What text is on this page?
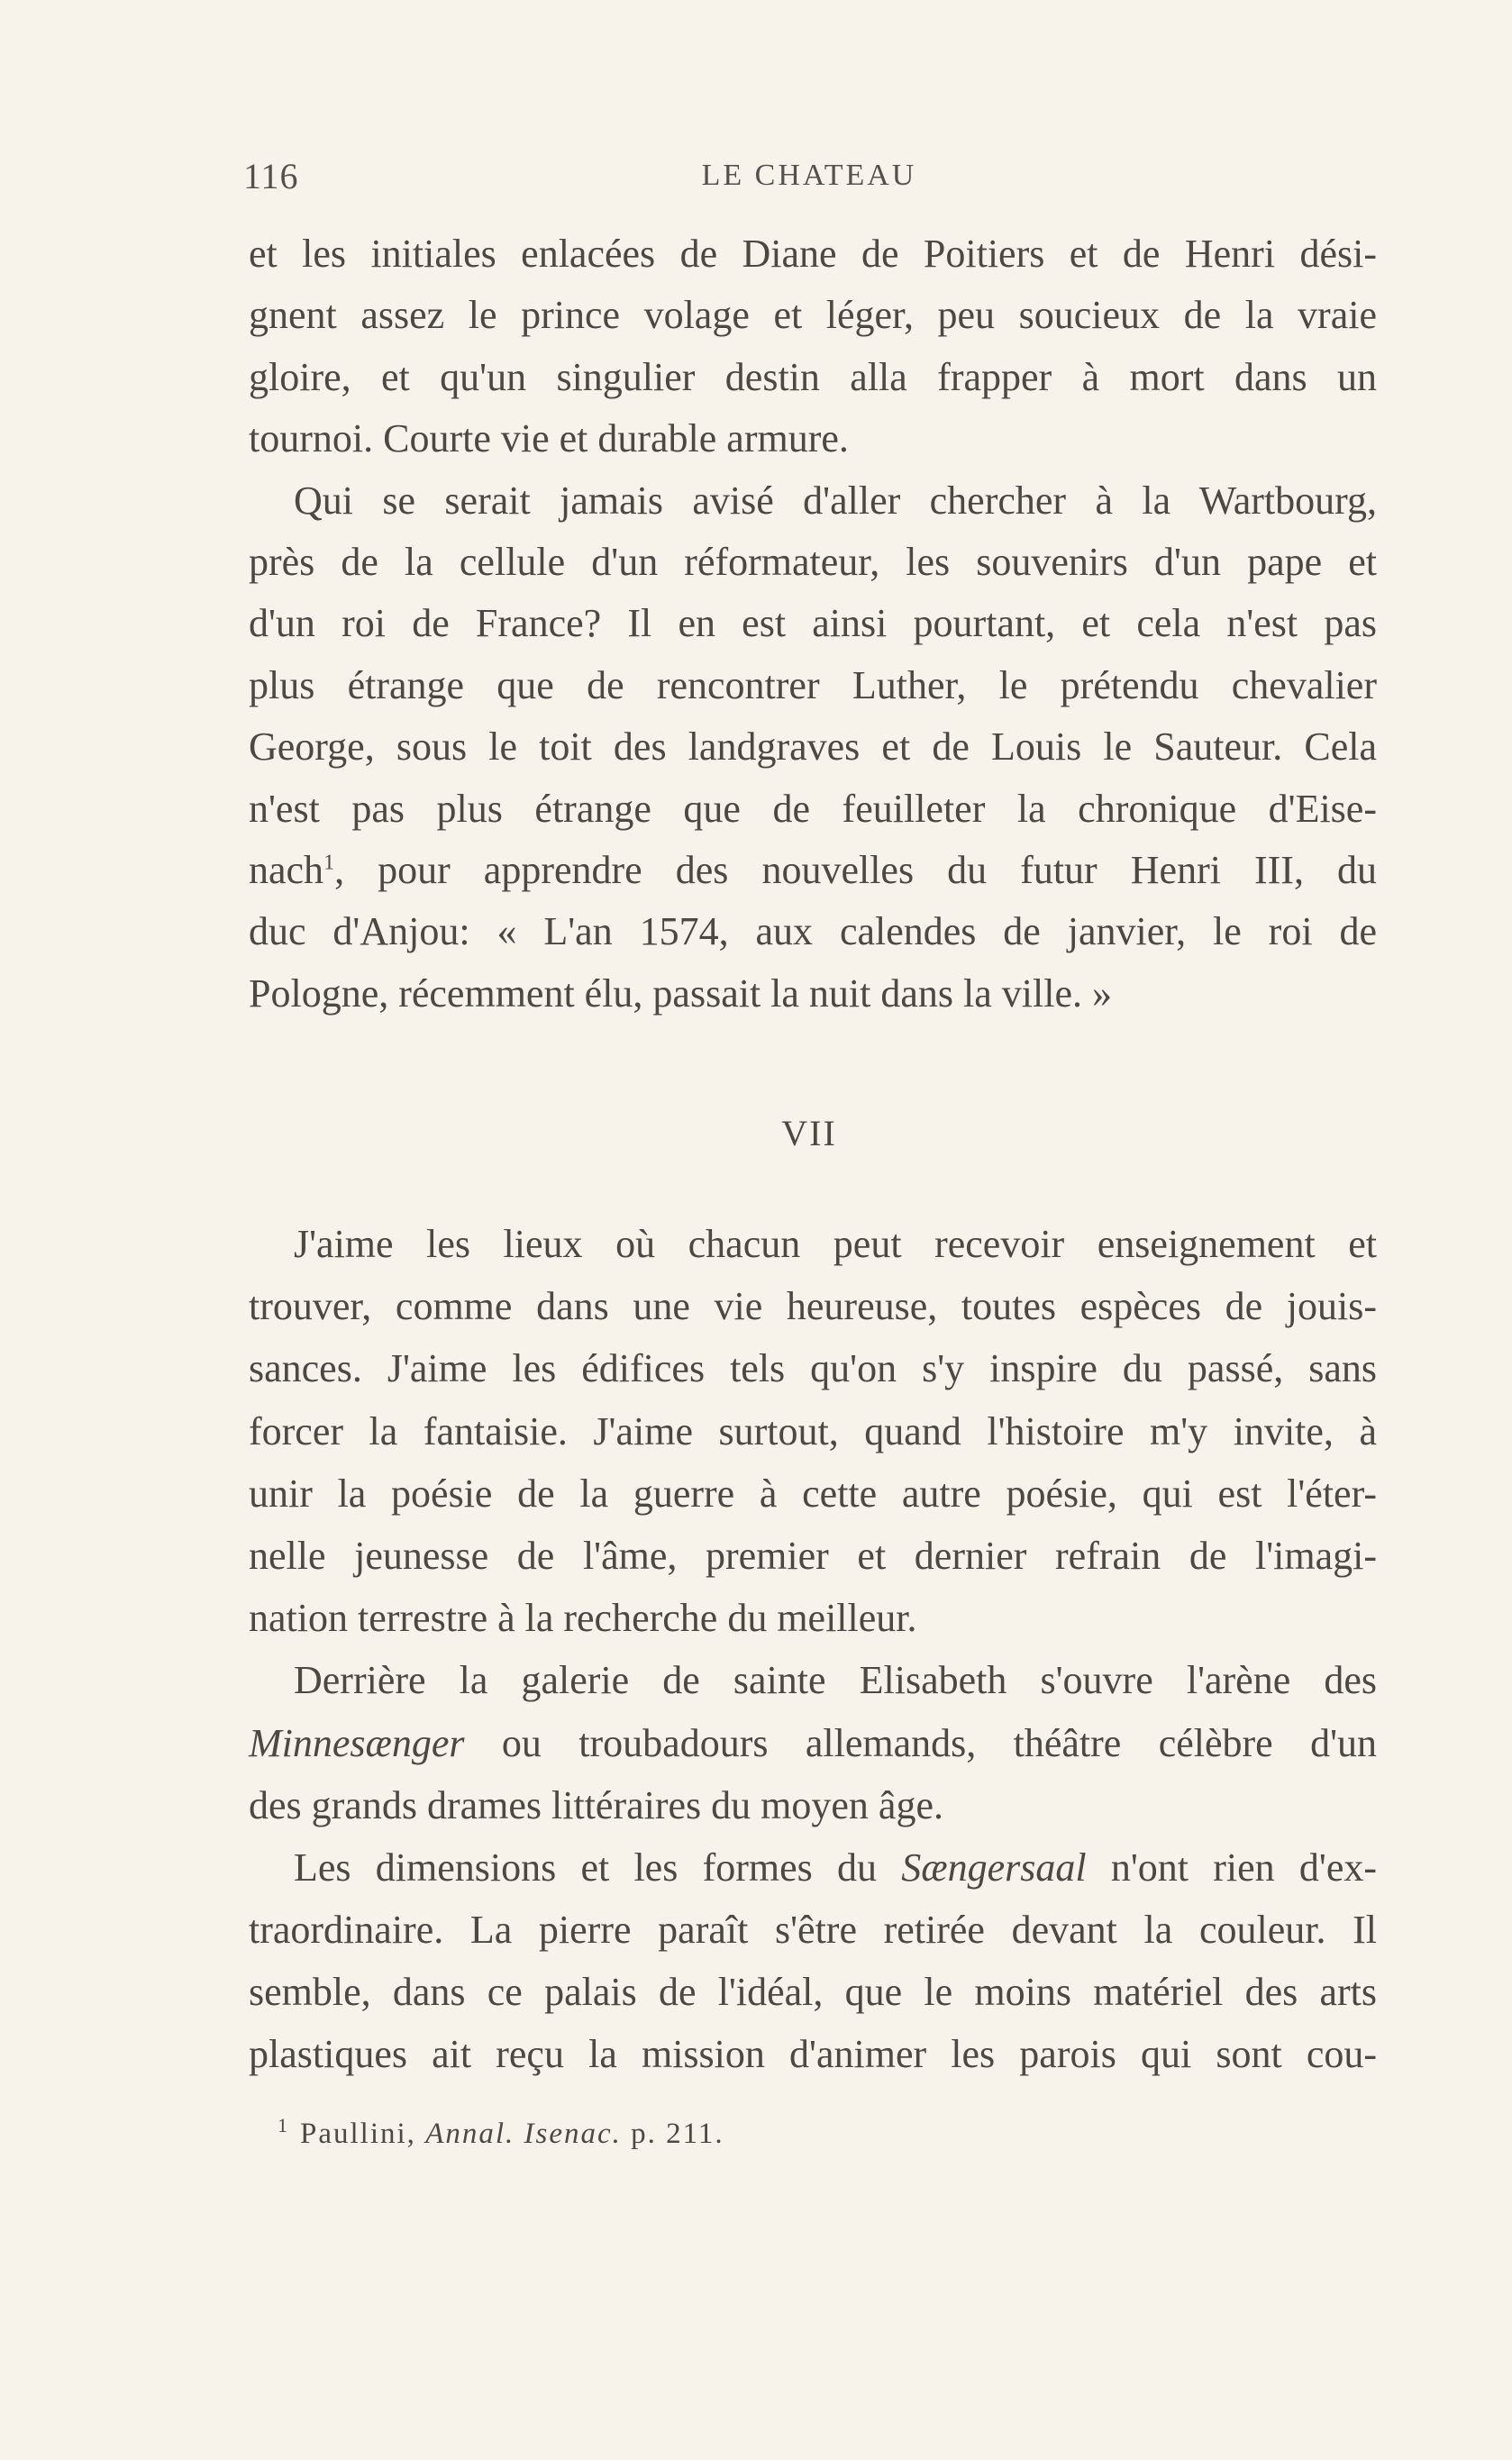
116	LE CHATEAU
et les initiales enlacées de Diane de Poitiers et de Henri dési-
gnent assez le prince volage et léger, peu soucieux de la vraie
gloire, et qu'un singulier destin alla frapper à mort dans un
tournoi. Courte vie et durable armure.
Qui se serait jamais avisé d'aller chercher à la Wartbourg,
près de la cellule d'un réformateur, les souvenirs d'un pape et
d'un roi de France? Il en est ainsi pourtant, et cela n'est pas
plus étrange que de rencontrer Luther, le prétendu chevalier
George, sous le toit des landgraves et de Louis le Sauteur. Cela
n'est pas plus étrange que de feuilleter la chronique d'Eise-
nach$^1$, pour apprendre des nouvelles du futur Henri III, du
duc d'Anjou: « L'an 1574, aux calendes de janvier, le roi de
Pologne, récemment élu, passait la nuit dans la ville. »
VII
J'aime les lieux où chacun peut recevoir enseignement et
trouver, comme dans une vie heureuse, toutes espèces de jouis-
sances. J'aime les édifices tels qu'on s'y inspire du passé, sans
forcer la fantaisie. J'aime surtout, quand l'histoire m'y invite, à
unir la poésie de la guerre à cette autre poésie, qui est l'éter-
nelle jeunesse de l'âme, premier et dernier refrain de l'imagi-
nation terrestre à la recherche du meilleur.
Derrière la galerie de sainte Elisabeth s'ouvre l'arène des
Minnesænger ou troubadours allemands, théâtre célèbre d'un
des grands drames littéraires du moyen âge.
Les dimensions et les formes du Sængersaal n'ont rien d'ex-
traordinaire. La pierre paraît s'être retirée devant la couleur. Il
semble, dans ce palais de l'idéal, que le moins matériel des arts
plastiques ait reçu la mission d'animer les parois qui sont cou-
$^1$ Paullini, Annal. Isenac. p. 211.
